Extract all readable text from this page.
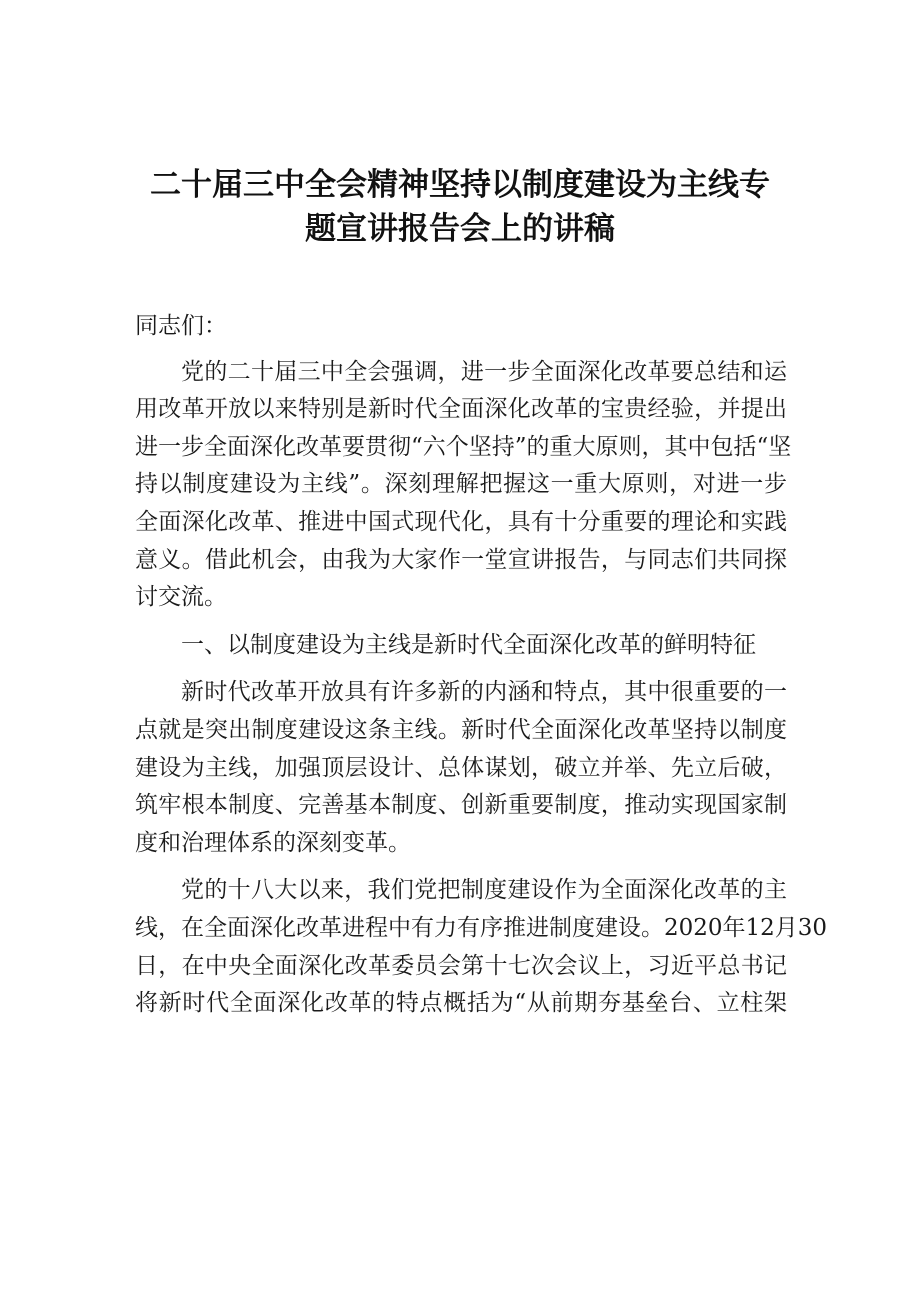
二十届三中全会精神坚持以制度建设为主线专
题宣讲报告会上的讲稿
同志们：
党的二十届三中全会强调，进一步全面深化改革要总结和运
用改革开放以来特别是新时代全面深化改革的宝贵经验，并提出
进一步全面深化改革要贯彻“六个坚持”的重大原则，其中包括“坚
持以制度建设为主线”。深刻理解把握这一重大原则，对进一步
全面深化改革、推进中国式现代化，具有十分重要的理论和实践
意义。借此机会，由我为大家作一堂宣讲报告，与同志们共同探
讨交流。
一、以制度建设为主线是新时代全面深化改革的鲜明特征
新时代改革开放具有许多新的内涵和特点，其中很重要的一
点就是突出制度建设这条主线。新时代全面深化改革坚持以制度
建设为主线，加强顶层设计、总体谋划，破立并举、先立后破，
筑牢根本制度、完善基本制度、创新重要制度，推动实现国家制
度和治理体系的深刻变革。
党的十八大以来，我们党把制度建设作为全面深化改革的主
线，在全面深化改革进程中有力有序推进制度建设。2020年12月30
日，在中央全面深化改革委员会第十七次会议上，习近平总书记
将新时代全面深化改革的特点概括为“从前期夯基垒台、立柱架
